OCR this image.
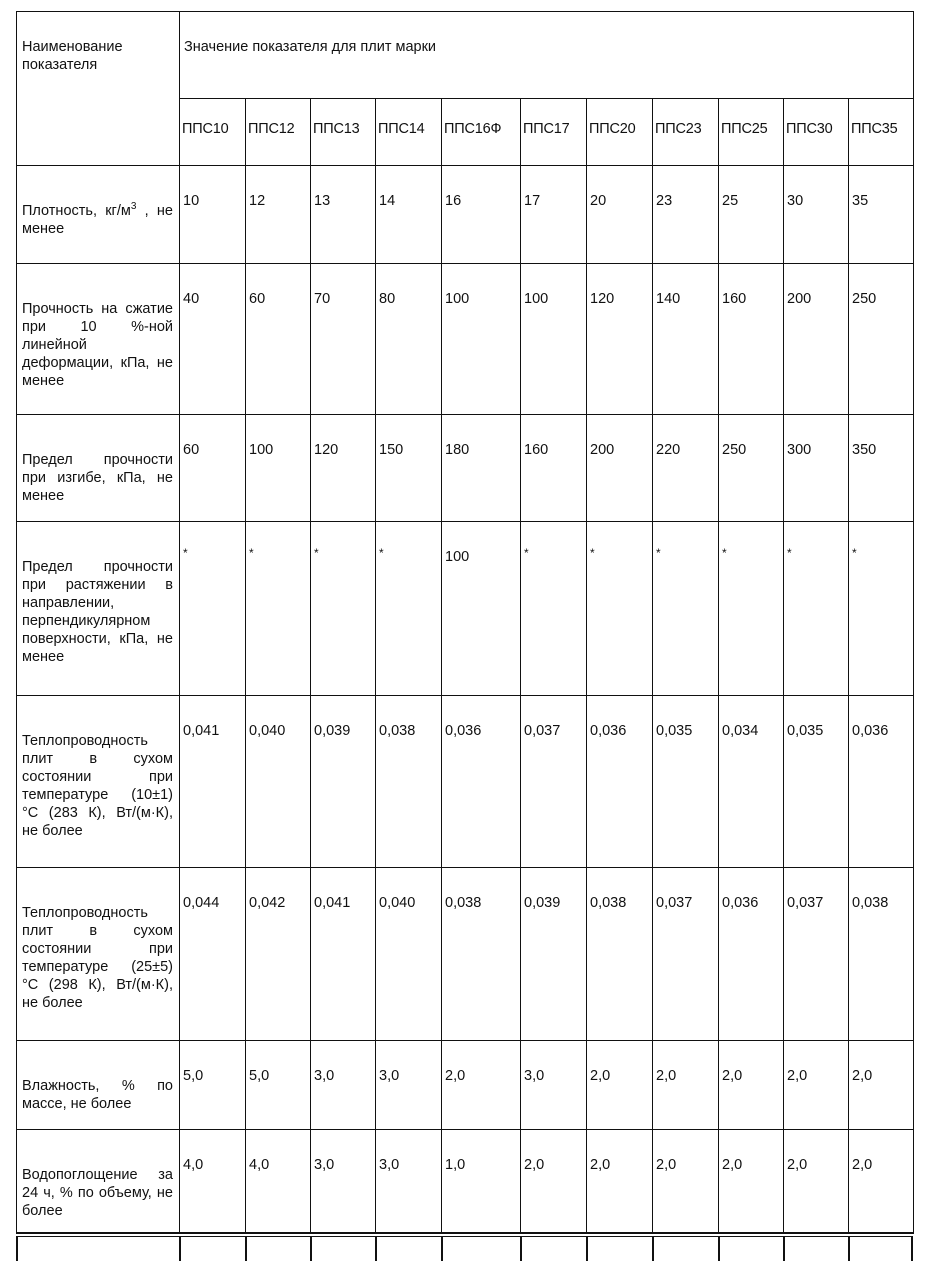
Наименование показателя	Значение показателя для плит марки										
	ППС10	ППС12	ППС13	ППС14	ППС16Ф	ППС17	ППС20	ППС23	ППС25	ППС30	ППС35
Плотность, $кг/м^3$ , не менее	10	12	13	14	16	17	20	23	25	30	35
Прочность на сжатие при 10 %-ной линейной деформации, кПа, не менее	40	60	70	80	100	100	120	140	160	200	250
Предел прочности при изгибе, кПа, не менее	60	100	120	150	180	160	200	220	250	300	350
Предел прочности при растяжении в направлении, перпендикулярном поверхности, кПа, не менее	*	*	*	*	100	*	*	*	*	*	*
Теплопроводность плит в сухом состоянии при температуре (10±1) °С (283 К), Вт/(м·К), не более	0,041	0,040	0,039	0,038	0,036	0,037	0,036	0,035	0,034	0,035	0,036
Теплопроводность плит в сухом состоянии при температуре (25±5) °С (298 К), Вт/(м·К), не более	0,044	0,042	0,041	0,040	0,038	0,039	0,038	0,037	0,036	0,037	0,038
Влажность, % по массе, не более	5,0	5,0	3,0	3,0	2,0	3,0	2,0	2,0	2,0	2,0	2,0
Водопоглощение за 24 ч, % по объему, не более	4,0	4,0	3,0	3,0	1,0	2,0	2,0	2,0	2,0	2,0	2,0
